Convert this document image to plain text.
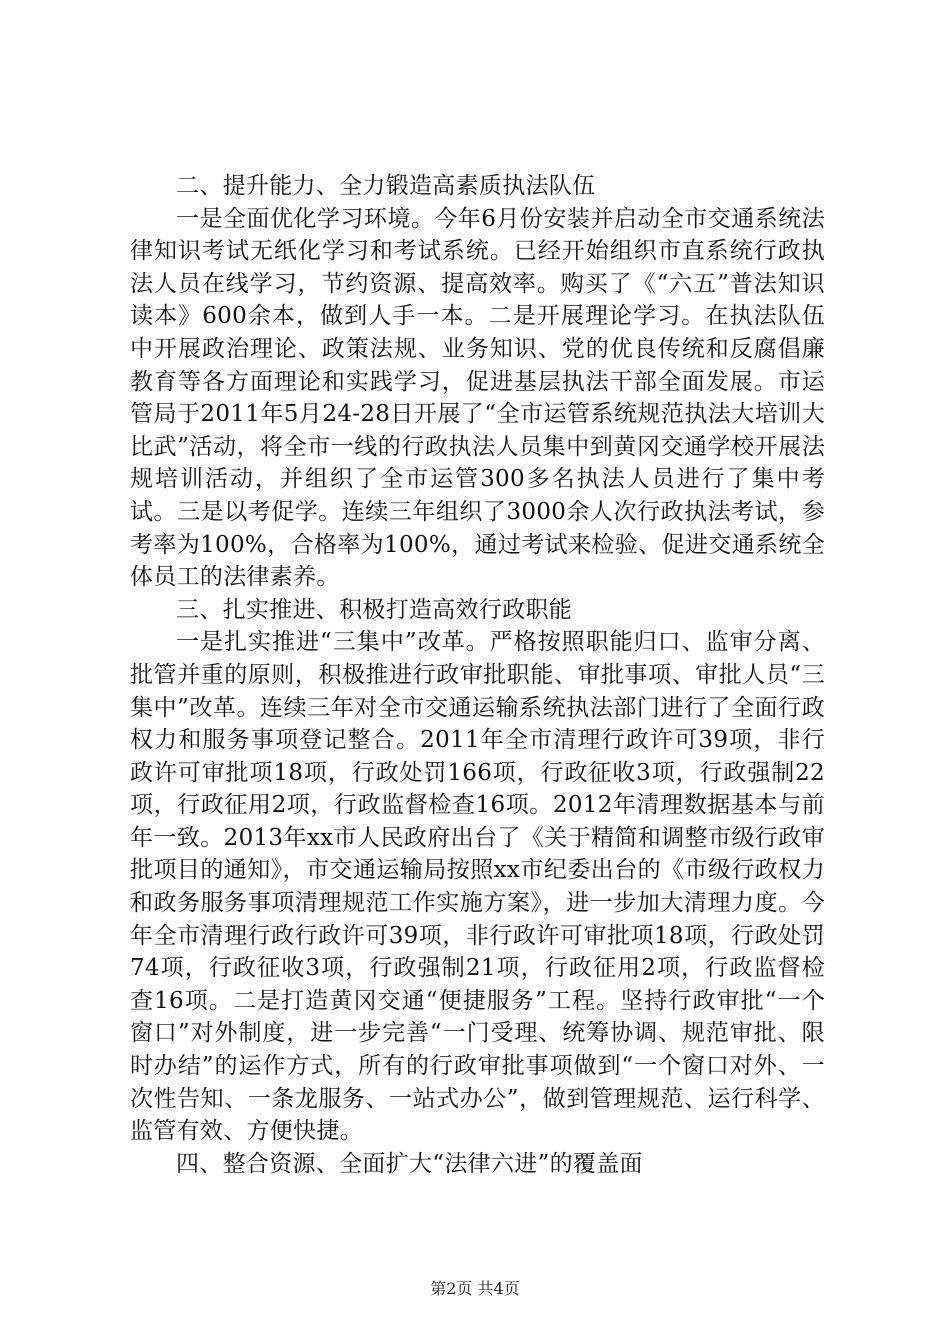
二、提升能力、全力锻造高素质执法队伍

一是全面优化学习环境。今年6月份安装并启动全市交通系统法律知识考试无纸化学习和考试系统。已经开始组织市直系统行政执法人员在线学习，节约资源、提高效率。购买了《“六五”普法知识读本》600余本，做到人手一本。二是开展理论学习。在执法队伍中开展政治理论、政策法规、业务知识、党的优良传统和反腐倡廉教育等各方面理论和实践学习，促进基层执法干部全面发展。市运管局于2011年5月24-28日开展了“全市运管系统规范执法大培训大比武”活动，将全市一线的行政执法人员集中到黄冈交通学校开展法规培训活动，并组织了全市运管300多名执法人员进行了集中考试。三是以考促学。连续三年组织了3000余人次行政执法考试，参考率为100%，合格率为100%，通过考试来检验、促进交通系统全体员工的法律素养。

三、扎实推进、积极打造高效行政职能

一是扎实推进“三集中”改革。严格按照职能归口、监审分离、批管并重的原则，积极推进行政审批职能、审批事项、审批人员“三集中”改革。连续三年对全市交通运输系统执法部门进行了全面行政权力和服务事项登记整合。2011年全市清理行政许可39项，非行政许可审批项18项，行政处罚166项，行政征收3项，行政强制22项，行政征用2项，行政监督检查16项。2012年清理数据基本与前年一致。2013年xx市人民政府出台了《关于精简和调整市级行政审批项目的通知》，市交通运输局按照xx市纪委出台的《市级行政权力和政务服务事项清理规范工作实施方案》，进一步加大清理力度。今年全市清理行政行政许可39项，非行政许可审批项18项，行政处罚74项，行政征收3项，行政强制21项，行政征用2项，行政监督检查16项。二是打造黄冈交通“便捷服务”工程。坚持行政审批“一个窗口”对外制度，进一步完善“一门受理、统筹协调、规范审批、限时办结”的运作方式，所有的行政审批事项做到“一个窗口对外、一次性告知、一条龙服务、一站式办公”，做到管理规范、运行科学、监管有效、方便快捷。

四、整合资源、全面扩大“法律六进”的覆盖面

第2页 共4页
